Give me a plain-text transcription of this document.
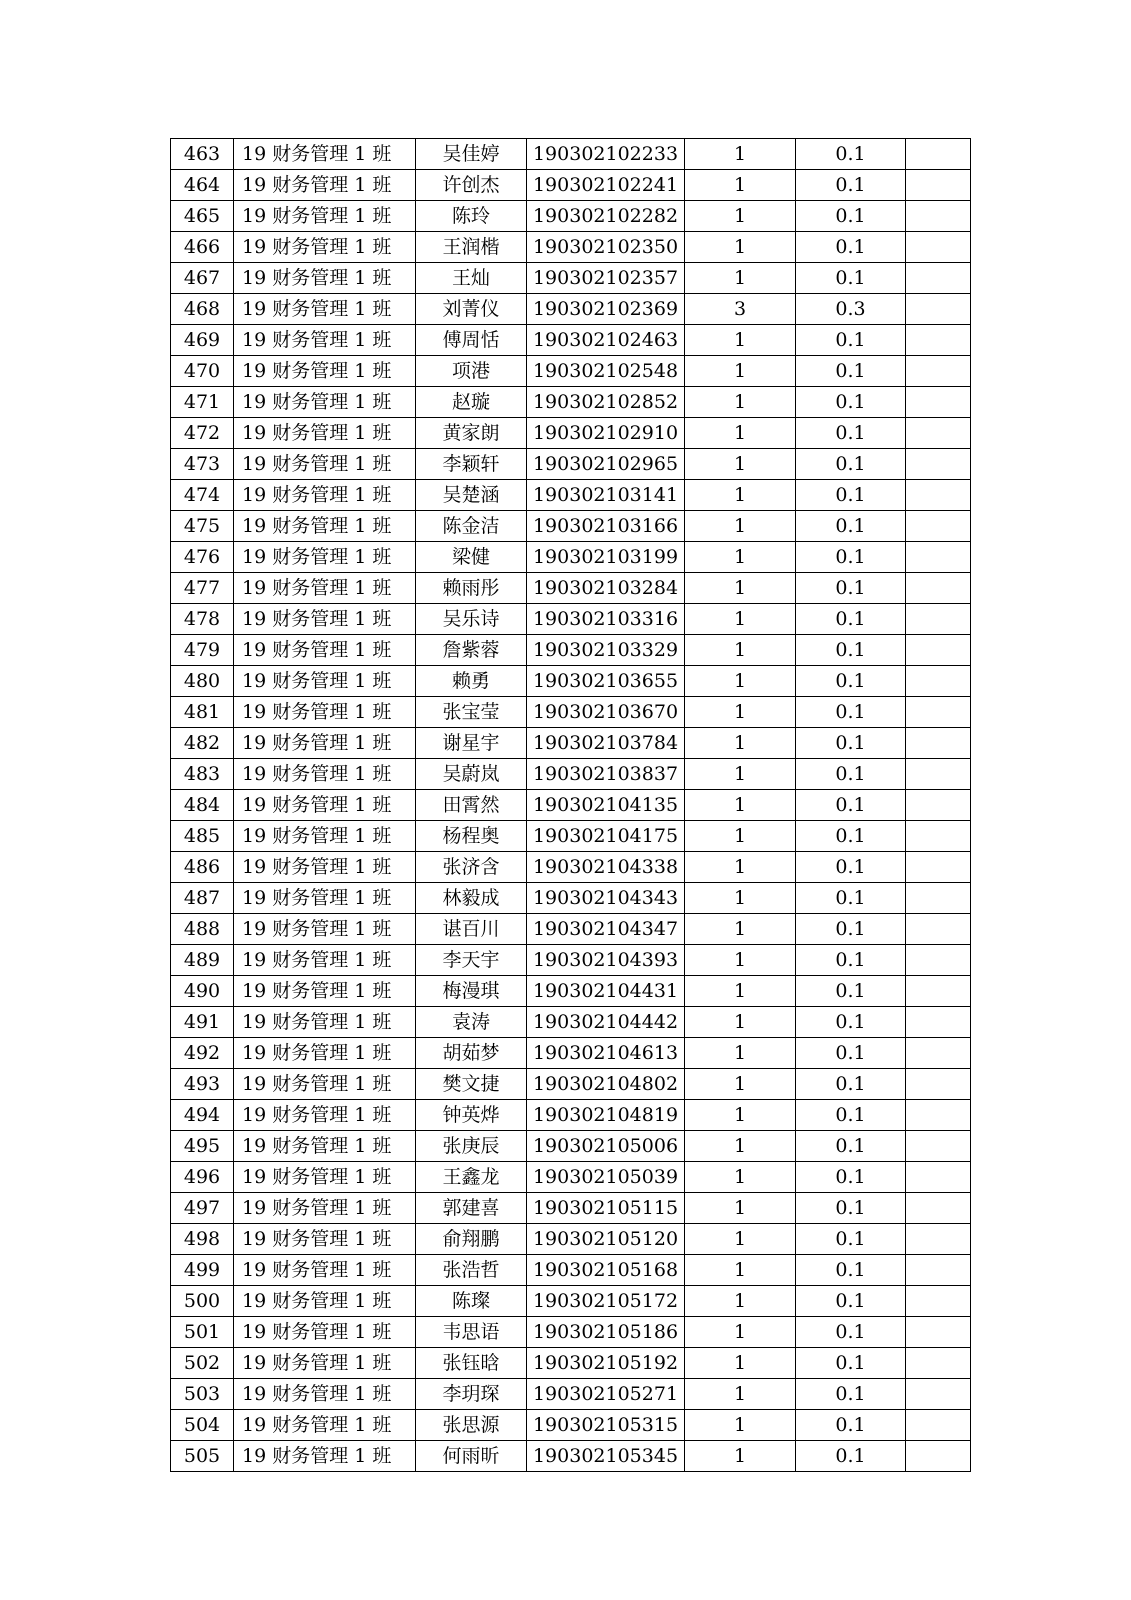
463	19 财务管理 1 班	吴佳婷	190302102233	1	0.1	
464	19 财务管理 1 班	许创杰	190302102241	1	0.1	
465	19 财务管理 1 班	陈玲	190302102282	1	0.1	
466	19 财务管理 1 班	王润楷	190302102350	1	0.1	
467	19 财务管理 1 班	王灿	190302102357	1	0.1	
468	19 财务管理 1 班	刘菁仪	190302102369	3	0.3	
469	19 财务管理 1 班	傅周恬	190302102463	1	0.1	
470	19 财务管理 1 班	项港	190302102548	1	0.1	
471	19 财务管理 1 班	赵璇	190302102852	1	0.1	
472	19 财务管理 1 班	黄家朗	190302102910	1	0.1	
473	19 财务管理 1 班	李颖轩	190302102965	1	0.1	
474	19 财务管理 1 班	吴楚涵	190302103141	1	0.1	
475	19 财务管理 1 班	陈金洁	190302103166	1	0.1	
476	19 财务管理 1 班	梁健	190302103199	1	0.1	
477	19 财务管理 1 班	赖雨彤	190302103284	1	0.1	
478	19 财务管理 1 班	吴乐诗	190302103316	1	0.1	
479	19 财务管理 1 班	詹紫蓉	190302103329	1	0.1	
480	19 财务管理 1 班	赖勇	190302103655	1	0.1	
481	19 财务管理 1 班	张宝莹	190302103670	1	0.1	
482	19 财务管理 1 班	谢星宇	190302103784	1	0.1	
483	19 财务管理 1 班	吴蔚岚	190302103837	1	0.1	
484	19 财务管理 1 班	田霄然	190302104135	1	0.1	
485	19 财务管理 1 班	杨程奥	190302104175	1	0.1	
486	19 财务管理 1 班	张济含	190302104338	1	0.1	
487	19 财务管理 1 班	林毅成	190302104343	1	0.1	
488	19 财务管理 1 班	谌百川	190302104347	1	0.1	
489	19 财务管理 1 班	李天宇	190302104393	1	0.1	
490	19 财务管理 1 班	梅漫琪	190302104431	1	0.1	
491	19 财务管理 1 班	袁涛	190302104442	1	0.1	
492	19 财务管理 1 班	胡茹梦	190302104613	1	0.1	
493	19 财务管理 1 班	樊文捷	190302104802	1	0.1	
494	19 财务管理 1 班	钟英烨	190302104819	1	0.1	
495	19 财务管理 1 班	张庚辰	190302105006	1	0.1	
496	19 财务管理 1 班	王鑫龙	190302105039	1	0.1	
497	19 财务管理 1 班	郭建喜	190302105115	1	0.1	
498	19 财务管理 1 班	俞翔鹏	190302105120	1	0.1	
499	19 财务管理 1 班	张浩哲	190302105168	1	0.1	
500	19 财务管理 1 班	陈璨	190302105172	1	0.1	
501	19 财务管理 1 班	韦思语	190302105186	1	0.1	
502	19 财务管理 1 班	张钰晗	190302105192	1	0.1	
503	19 财务管理 1 班	李玥琛	190302105271	1	0.1	
504	19 财务管理 1 班	张思源	190302105315	1	0.1	
505	19 财务管理 1 班	何雨昕	190302105345	1	0.1	
